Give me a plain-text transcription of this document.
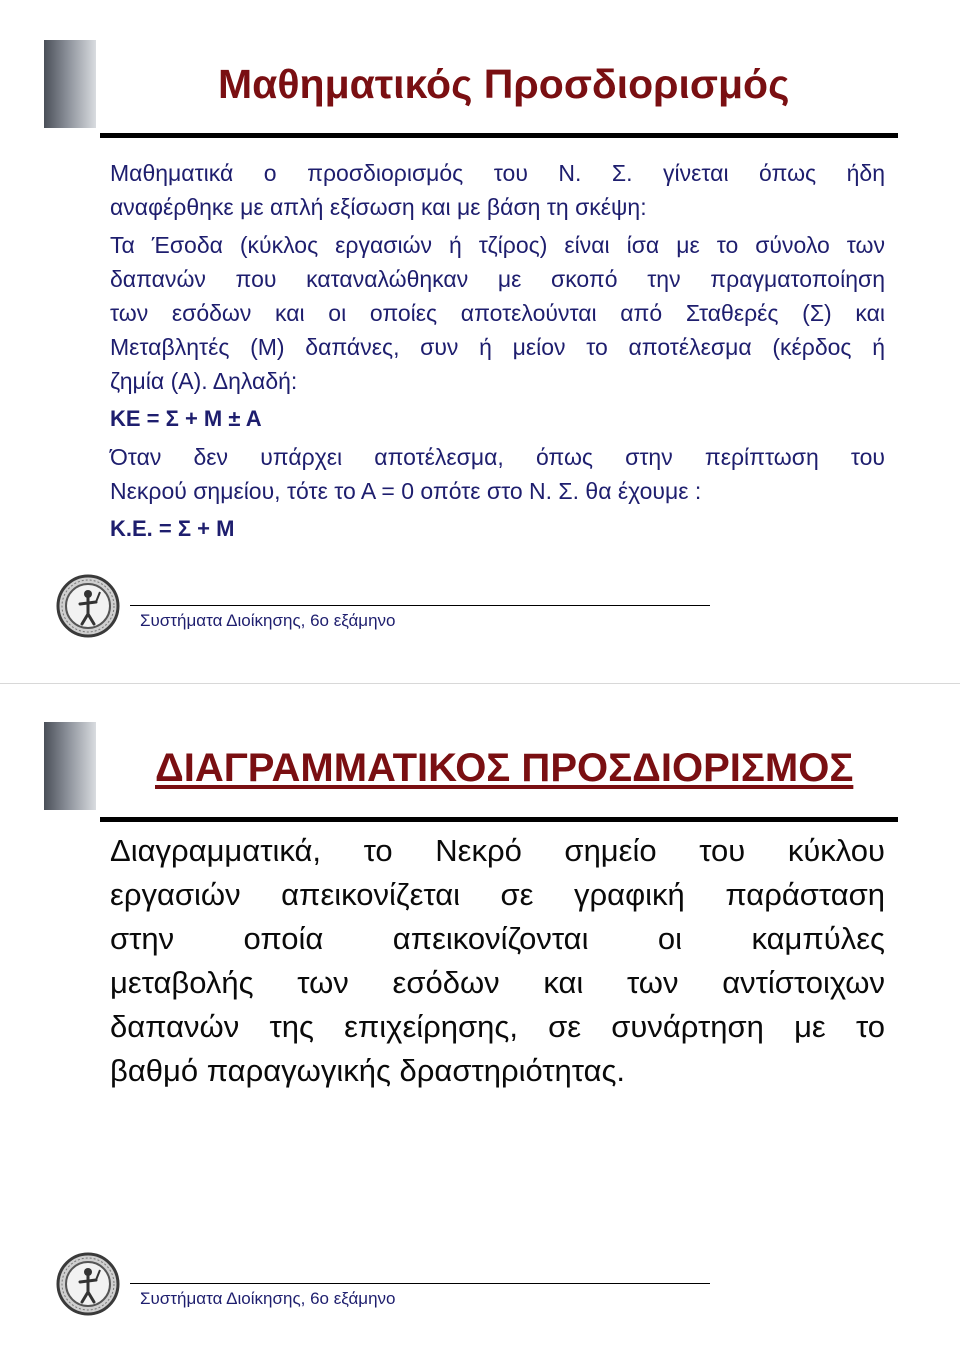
Μαθηματικός Προσδιορισμός

Μαθηματικά ο προσδιορισμός του Ν. Σ. γίνεται όπως ήδη

αναφέρθηκε με απλή εξίσωση και με βάση τη σκέψη:

Τα Έσοδα (κύκλος εργασιών ή τζίρος) είναι ίσα με το σύνολο των

δαπανών που καταναλώθηκαν με σκοπό την πραγματοποίηση

των εσόδων και οι οποίες αποτελούνται από Σταθερές (Σ) και

Μεταβλητές (Μ) δαπάνες, συν ή μείον το αποτέλεσμα (κέρδος ή

ζημία (Α). Δηλαδή:

ΚΕ = Σ + Μ ± Α

Όταν δεν υπάρχει αποτέλεσμα, όπως στην περίπτωση του

Νεκρού σημείου, τότε το Α = 0 οπότε στο Ν. Σ. θα έχουμε :

Κ.Ε. = Σ + Μ

Συστήματα Διοίκησης, 6ο εξάμηνο
ΔΙΑΓΡΑΜΜΑΤΙΚΟΣ ΠΡΟΣΔΙΟΡΙΣΜΟΣ

Διαγραμματικά, το Νεκρό σημείο του κύκλου

εργασιών απεικονίζεται σε γραφική παράσταση

στην οποία απεικονίζονται οι καμπύλες

μεταβολής των εσόδων και των αντίστοιχων

δαπανών της επιχείρησης, σε συνάρτηση με το

βαθμό παραγωγικής δραστηριότητας.

Συστήματα Διοίκησης, 6ο εξάμηνο
